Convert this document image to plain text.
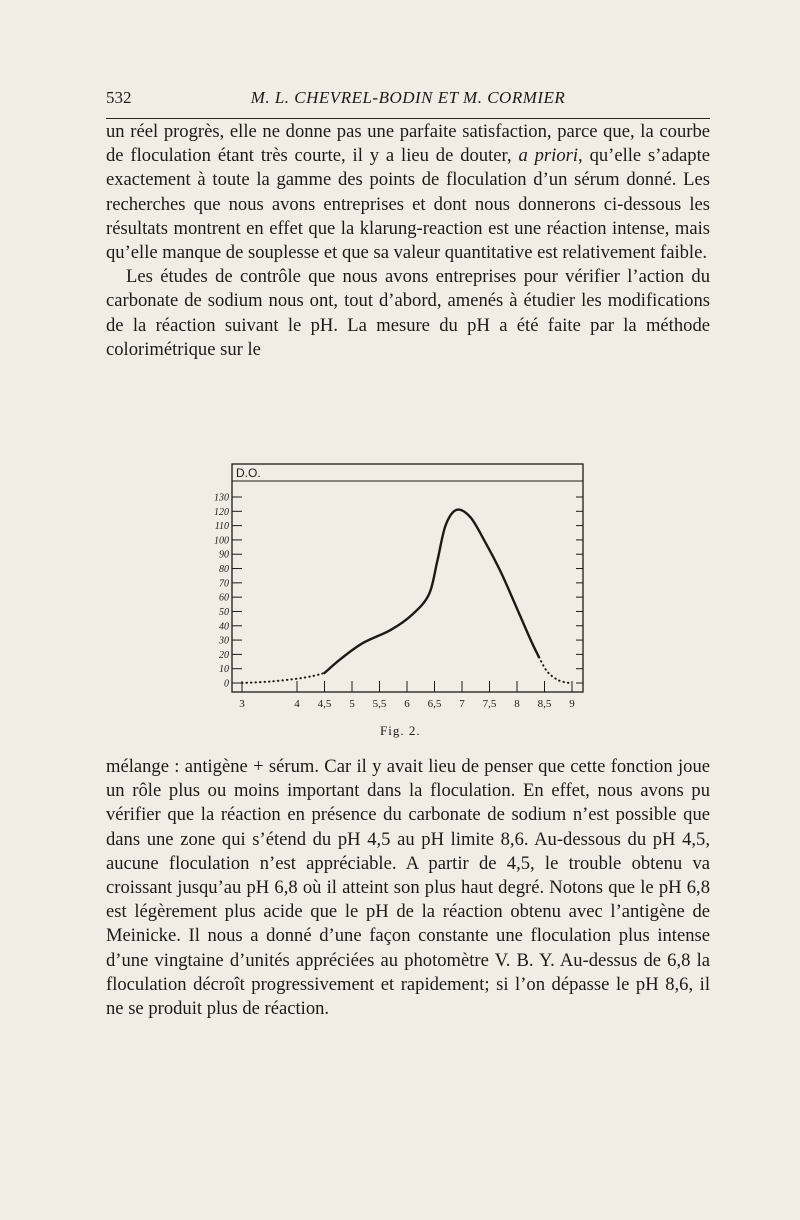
532	M. L. CHEVREL-BODIN ET M. CORMIER

un réel progrès, elle ne donne pas une parfaite satisfaction, parce que, la courbe de floculation étant très courte, il y a lieu de douter, a priori, qu’elle s’adapte exactement à toute la gamme des points de floculation d’un sérum donné. Les recherches que nous avons entreprises et dont nous donnerons ci-dessous les résultats montrent en effet que la klarung-reaction est une réaction intense, mais qu’elle manque de souplesse et que sa valeur quantitative est relativement faible.

Les études de contrôle que nous avons entreprises pour vérifier l’action du carbonate de sodium nous ont, tout d’abord, amenés à étudier les modifications de la réaction suivant le pH. La mesure du pH a été faite par la méthode colorimétrique sur le

D.O.
0
10
20
30
40
50
60
70
80
90
100
110
120
130
3	4 4,5 5 5,5 6 6,5 7 7,5 8 8,5 9
Fig. 2.

mélange : antigène + sérum. Car il y avait lieu de penser que cette fonction joue un rôle plus ou moins important dans la floculation. En effet, nous avons pu vérifier que la réaction en présence du carbonate de sodium n’est possible que dans une zone qui s’étend du pH 4,5 au pH limite 8,6. Au-dessous du pH 4,5, aucune floculation n’est appréciable. A partir de 4,5, le trouble obtenu va croissant jusqu’au pH 6,8 où il atteint son plus haut degré. Notons que le pH 6,8 est légèrement plus acide que le pH de la réaction obtenu avec l’antigène de Meinicke. Il nous a donné d’une façon constante une floculation plus intense d’une vingtaine d’unités appréciées au photomètre V. B. Y. Au-dessus de 6,8 la floculation décroît progressivement et rapidement; si l’on dépasse le pH 8,6, il ne se produit plus de réaction.
